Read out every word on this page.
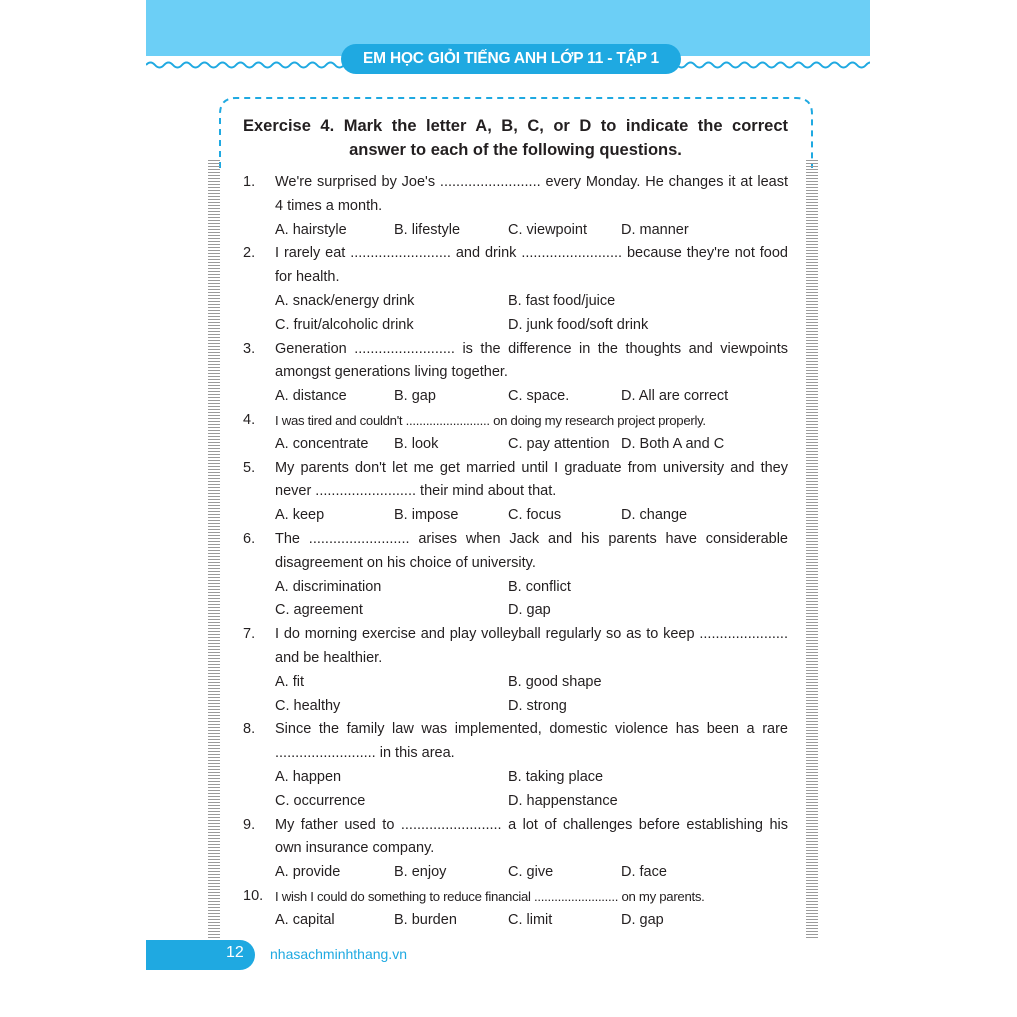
EM HỌC GIỎI TIẾNG ANH LỚP 11 - TẬP 1
Exercise 4. Mark the letter A, B, C, or D to indicate the correct
answer to each of the following questions.
1.	We're surprised by Joe's ......................... every Monday. He changes it at least 4 times a month.
A. hairstyle	B. lifestyle	C. viewpoint	D. manner
2.	I rarely eat ......................... and drink ......................... because they're not food for health.
A. snack/energy drink	B. fast food/juice
C. fruit/alcoholic drink	D. junk food/soft drink
3.	Generation ......................... is the difference in the thoughts and viewpoints amongst generations living together.
A. distance	B. gap	C. space.	D. All are correct
4.	I was tired and couldn't ......................... on doing my research project properly.
A. concentrate	B. look	C. pay attention D. Both A and C
5.	My parents don't let me get married until I graduate from university and they never ......................... their mind about that.
A. keep	B. impose	C. focus	D. change
6.	The ......................... arises when Jack and his parents have considerable disagreement on his choice of university.
A. discrimination	B. conflict
C. agreement	D. gap
7.	I do morning exercise and play volleyball regularly so as to keep ...................... and be healthier.
A. fit	B. good shape
C. healthy	D. strong
8.	Since the family law was implemented, domestic violence has been a rare ......................... in this area.
A. happen	B. taking place
C. occurrence	D. happenstance
9.	My father used to ......................... a lot of challenges before establishing his own insurance company.
A. provide	B. enjoy	C. give	D. face
10. I wish I could do something to reduce financial ......................... on my parents.
A. capital	B. burden	C. limit	D. gap
12 nhasachminhthang.vn
